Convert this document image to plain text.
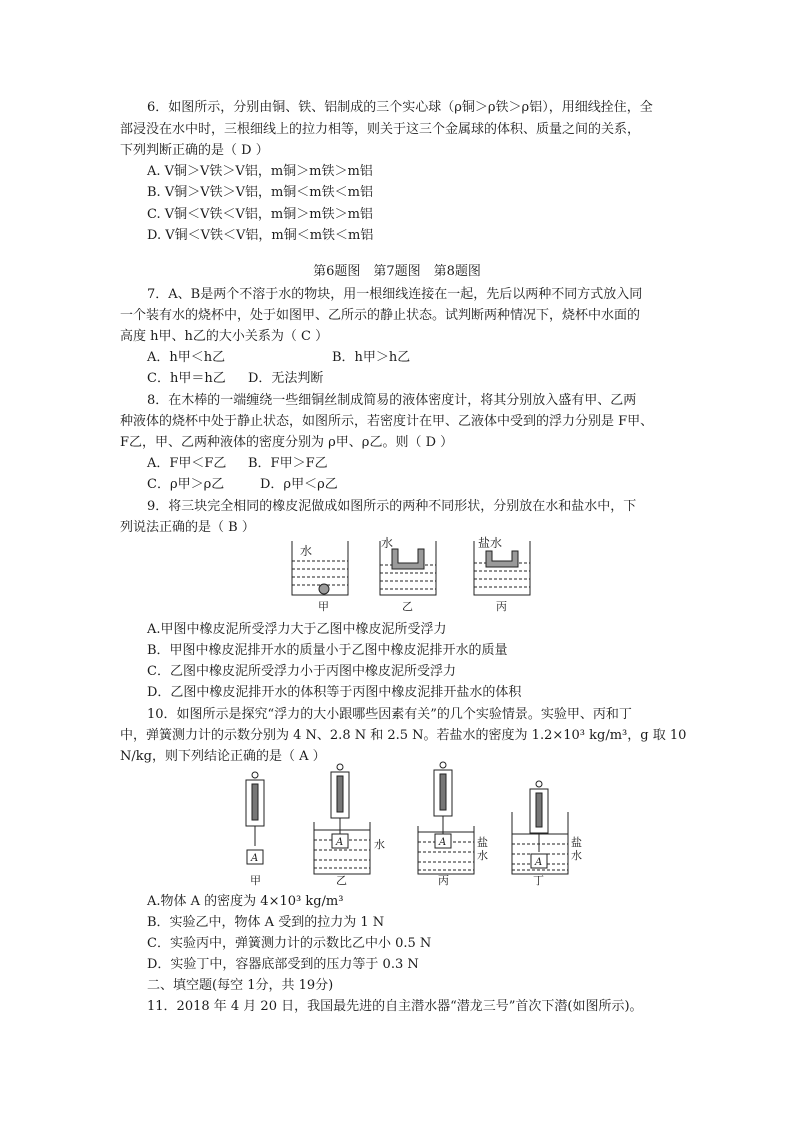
6．如图所示，分别由铜、铁、铝制成的三个实心球（ρ铜＞ρ铁＞ρ铝），用细线拴住，全
部浸没在水中时，三根细线上的拉力相等，则关于这三个金属球的体积、质量之间的关系，
下列判断正确的是（ D ）
A. V铜＞V铁＞V铝，m铜＞m铁＞m铝
B. V铜＞V铁＞V铝，m铜＜m铁＜m铝
C. V铜＜V铁＜V铝，m铜＞m铁＞m铝
D. V铜＜V铁＜V铝，m铜＜m铁＜m铝
第6题图　第7题图　第8题图
7．A、B是两个不溶于水的物块，用一根细线连接在一起，先后以两种不同方式放入同
一个装有水的烧杯中，处于如图甲、乙所示的静止状态。试判断两种情况下，烧杯中水面的
高度 h甲、h乙的大小关系为（ C ）
A．h甲＜h乙	B．h甲＞h乙
C．h甲＝h乙 D．无法判断
8．在木棒的一端缠绕一些细铜丝制成简易的液体密度计，将其分别放入盛有甲、乙两
种液体的烧杯中处于静止状态，如图所示，若密度计在甲、乙液体中受到的浮力分别是 F甲、
F乙，甲、乙两种液体的密度分别为 ρ甲、ρ乙。则（ D ）
A．F甲＜F乙 B．F甲＞F乙
C．ρ甲＞ρ乙	D．ρ甲＜ρ乙
9．将三块完全相同的橡皮泥做成如图所示的两种不同形状，分别放在水和盐水中，下
列说法正确的是（ B ）
水
甲
水
乙
盐水
丙
A.甲图中橡皮泥所受浮力大于乙图中橡皮泥所受浮力
B．甲图中橡皮泥排开水的质量小于乙图中橡皮泥排开水的质量
C．乙图中橡皮泥所受浮力小于丙图中橡皮泥所受浮力
D．乙图中橡皮泥排开水的体积等于丙图中橡皮泥排开盐水的体积
10．如图所示是探究“浮力的大小跟哪些因素有关”的几个实验情景。实验甲、丙和丁
中，弹簧测力计的示数分别为 4 N、2.8 N 和 2.5 N。若盐水的密度为 1.2×10³ kg/m³，g 取 10
N/kg，则下列结论正确的是（ A ）
A
甲
A	水
乙
A	盐水
丙
A
盐水
丁
A.物体 A 的密度为 4×10³ kg/m³
B．实验乙中，物体 A 受到的拉力为 1 N
C．实验丙中，弹簧测力计的示数比乙中小 0.5 N
D．实验丁中，容器底部受到的压力等于 0.3 N
二、填空题(每空 1分，共 19分)
11．2018 年 4 月 20 日，我国最先进的自主潜水器“潜龙三号”首次下潜(如图所示)。
